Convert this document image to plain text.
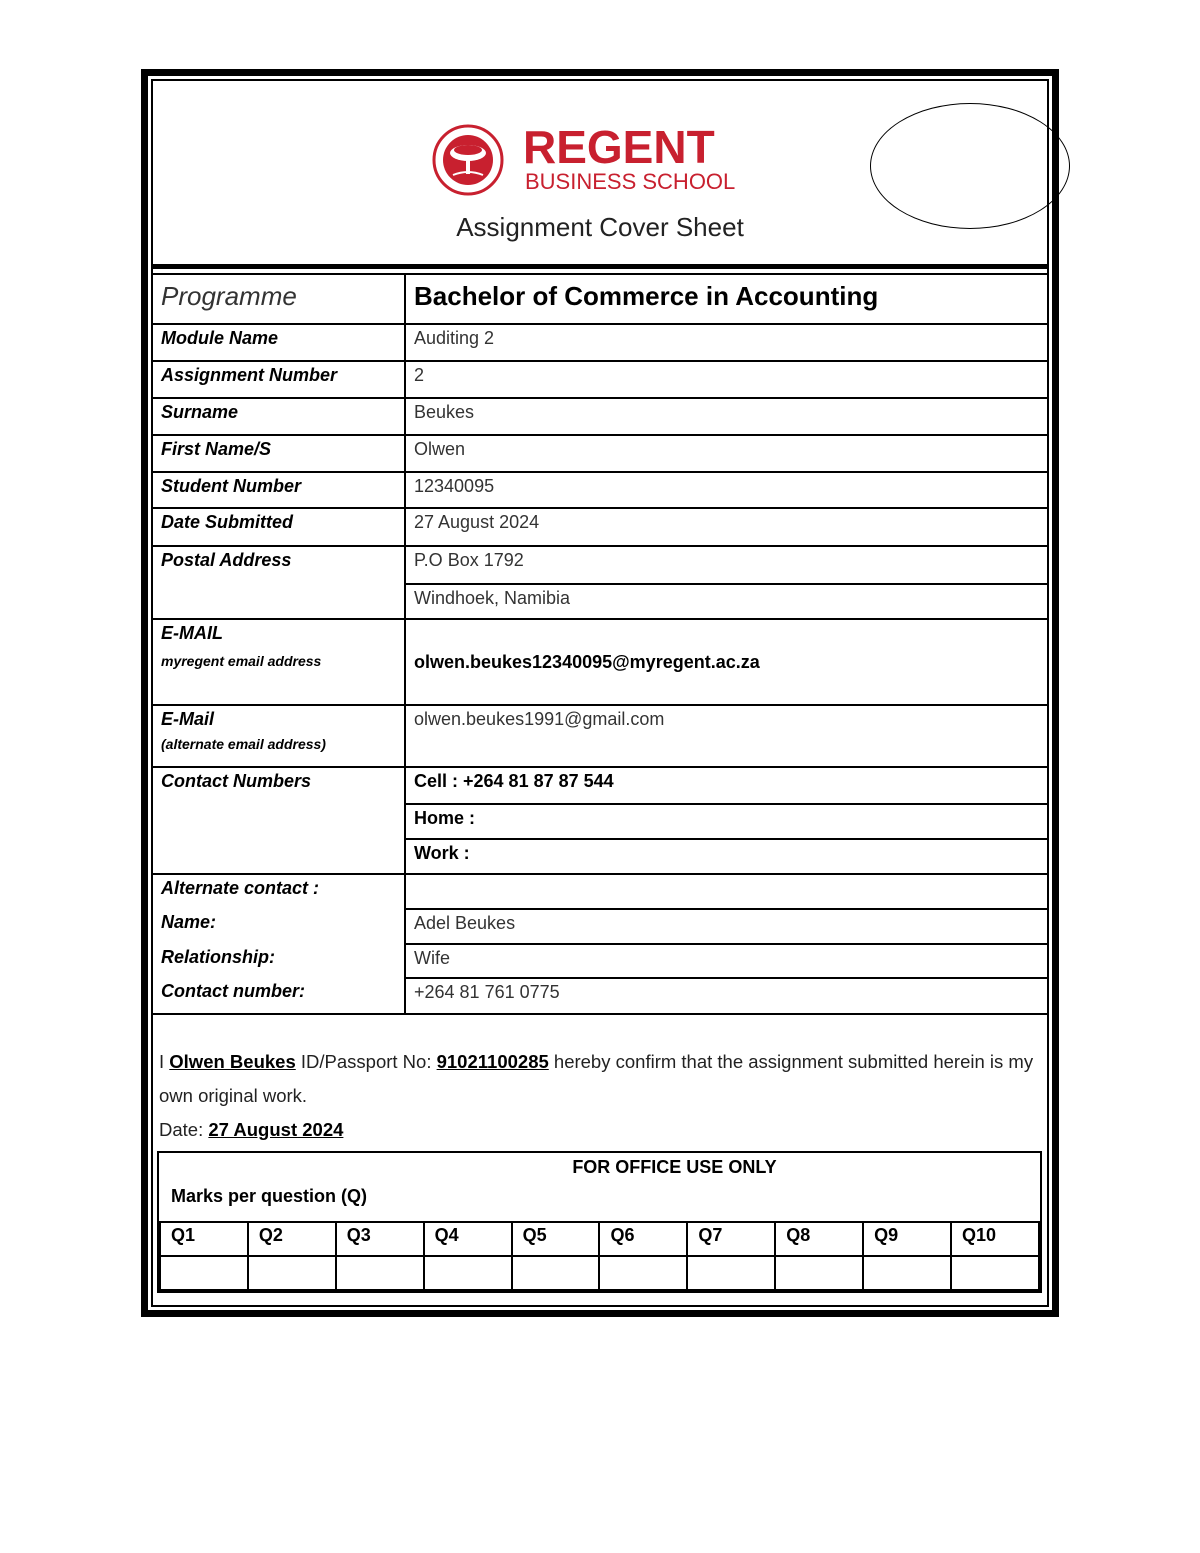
REGENT
BUSINESS SCHOOL
Assignment Cover Sheet
Programme	Bachelor of Commerce in Accounting
Module Name	Auditing 2
Assignment Number	2
Surname	Beukes
First Name/S	Olwen
Student Number	12340095
Date Submitted	27 August 2024
Postal Address	P.O Box 1792
	Windhoek, Namibia
E-MAIL
myregent email address	olwen.beukes12340095@myregent.ac.za
E-Mail
(alternate email address)	olwen.beukes1991@gmail.com
Contact Numbers	Cell : +264 81 87 87 544
	Home :
	Work :
Alternate contact :	
Name:	Adel Beukes
Relationship:	Wife
Contact number:	+264 81 761 0775
I Olwen Beukes ID/Passport No: 91021100285 hereby confirm that the assignment submitted herein is my own original work.
Date: 27 August 2024
FOR OFFICE USE ONLY
Marks per question (Q)
Q1	Q2	Q3	Q4	Q5	Q6	Q7	Q8	Q9	Q10
